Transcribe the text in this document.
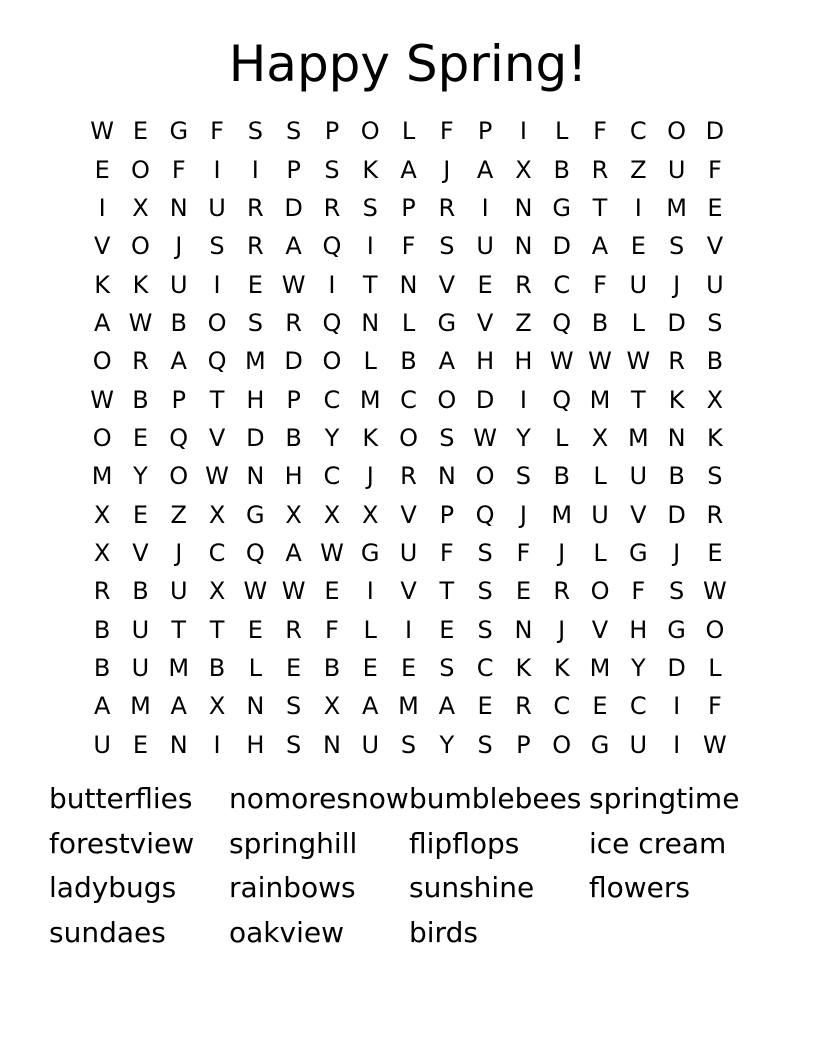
Happy Spring!
W E G F S S P O L	F	P	I	L	F C O D
E O F	I	I	P S K A	J	A X B R Z U F
I	X N U R D R S P R	I	N G T	I	M E
V O	J	S R A Q	I	F S U N D A E S V
K K U	I	E W I	T N V E R C F U	J	U
A W B O S R Q N L G V Z Q B L D S
O R A Q M D O L B A H H W W W R B
W B P T H P C M C O D	I	Q M T K X
O E Q V D B Y K O S W Y	L X M N K
M Y O W N H C	J	R N O S B L U B S
X E Z X G X X X V P Q	J	M U V D R
X V	J	C Q A W G U F S F	J	L G	J	E
R B U X W W E	I	V T S E R O F S W
B U T T E R F	L	I	E S N	J	V H G O
B U M B L	E B E E S C K K M Y D L
A M A X N S X A M A E R C E C	I	F
U E N	I	H S N U S Y S P O G U	I W
butterflies	nomoresnow bumblebees springtime
forestview	springhill	flipflops	ice cream
ladybugs	rainbows	sunshine	flowers
sundaes	oakview	birds
